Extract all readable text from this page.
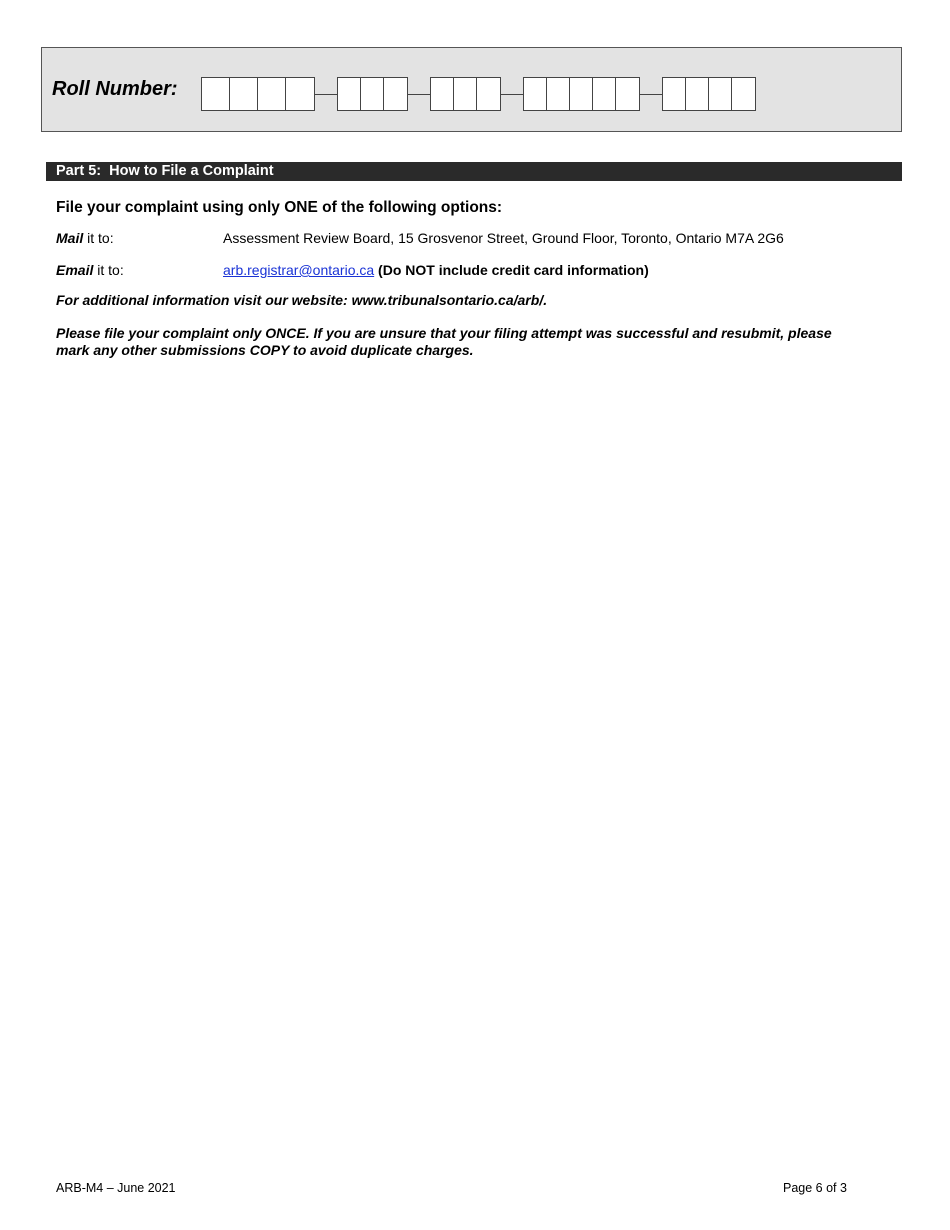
Roll Number:
Part 5:  How to File a Complaint
File your complaint using only ONE of the following options:
Mail it to:	Assessment Review Board, 15 Grosvenor Street, Ground Floor, Toronto, Ontario M7A 2G6
Email it to:	arb.registrar@ontario.ca (Do NOT include credit card information)
For additional information visit our website: www.tribunalsontario.ca/arb/.
Please file your complaint only ONCE. If you are unsure that your filing attempt was successful and resubmit, please mark any other submissions COPY to avoid duplicate charges.
ARB-M4 – June 2021	Page 6 of 3
